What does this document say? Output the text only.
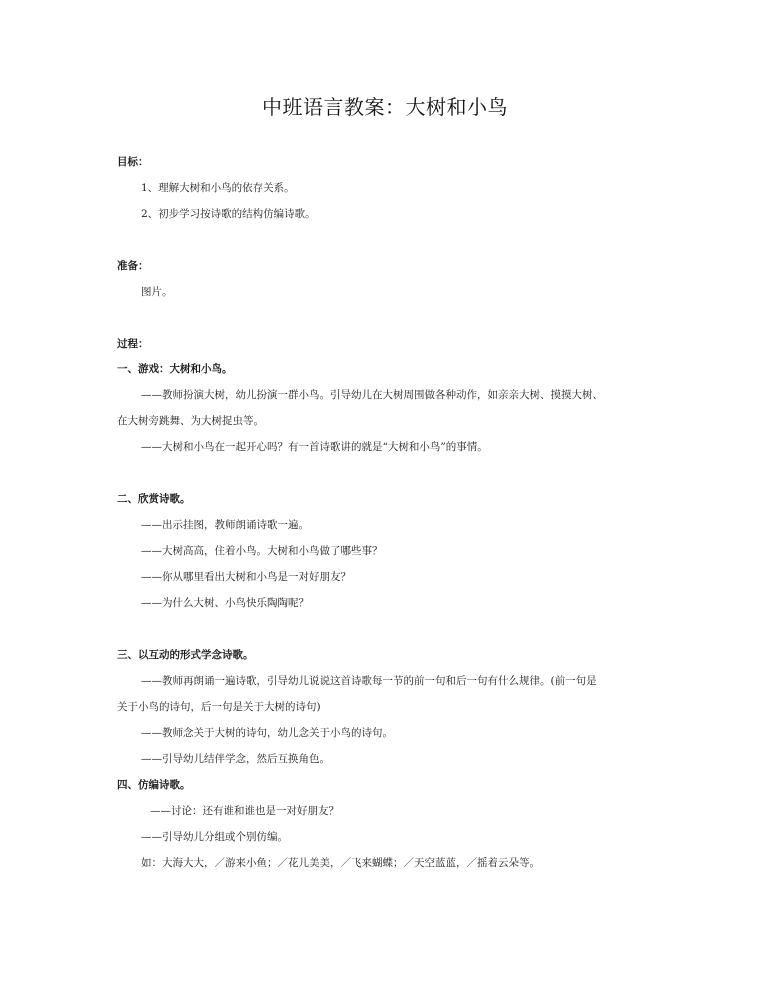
中班语言教案：大树和小鸟
目标：
1、理解大树和小鸟的依存关系。
2、初步学习按诗歌的结构仿编诗歌。
准备：
图片。
过程：
一、游戏：大树和小鸟。
——教师扮演大树，幼儿扮演一群小鸟。引导幼儿在大树周围做各种动作，如亲亲大树、摸摸大树、
在大树旁跳舞、为大树捉虫等。
——大树和小鸟在一起开心吗？有一首诗歌讲的就是“大树和小鸟”的事情。
二、欣赏诗歌。
——出示挂图，教师朗诵诗歌一遍。
——大树高高，住着小鸟。大树和小鸟做了哪些事？
——你从哪里看出大树和小鸟是一对好朋友？
——为什么大树、小鸟快乐陶陶呢？
三、以互动的形式学念诗歌。
——教师再朗诵一遍诗歌，引导幼儿说说这首诗歌每一节的前一句和后一句有什么规律。(前一句是
关于小鸟的诗句，后一句是关于大树的诗句)
——教师念关于大树的诗句，幼儿念关于小鸟的诗句。
——引导幼儿结伴学念，然后互换角色。
四、仿编诗歌。
——讨论：还有谁和谁也是一对好朋友？
——引导幼儿分组或个别仿编。
如：大海大大，／游来小鱼；／花儿美美，／飞来蝴蝶；／天空蓝蓝，／摇着云朵等。
